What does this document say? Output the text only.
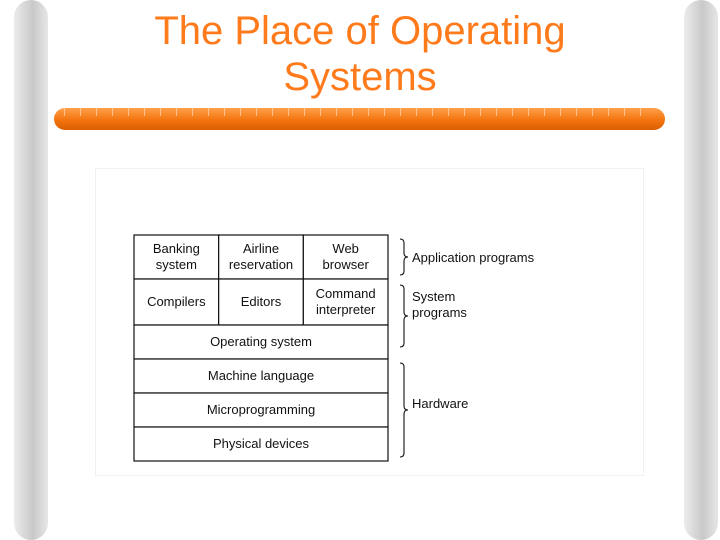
The Place of Operating
Systems
Banking
system
Airline
reservation
Web
browser
Compilers	Editors
Command
interpreter
Operating system
Machine language
Microprogramming
Physical devices
Application programs
System
programs
Hardware
